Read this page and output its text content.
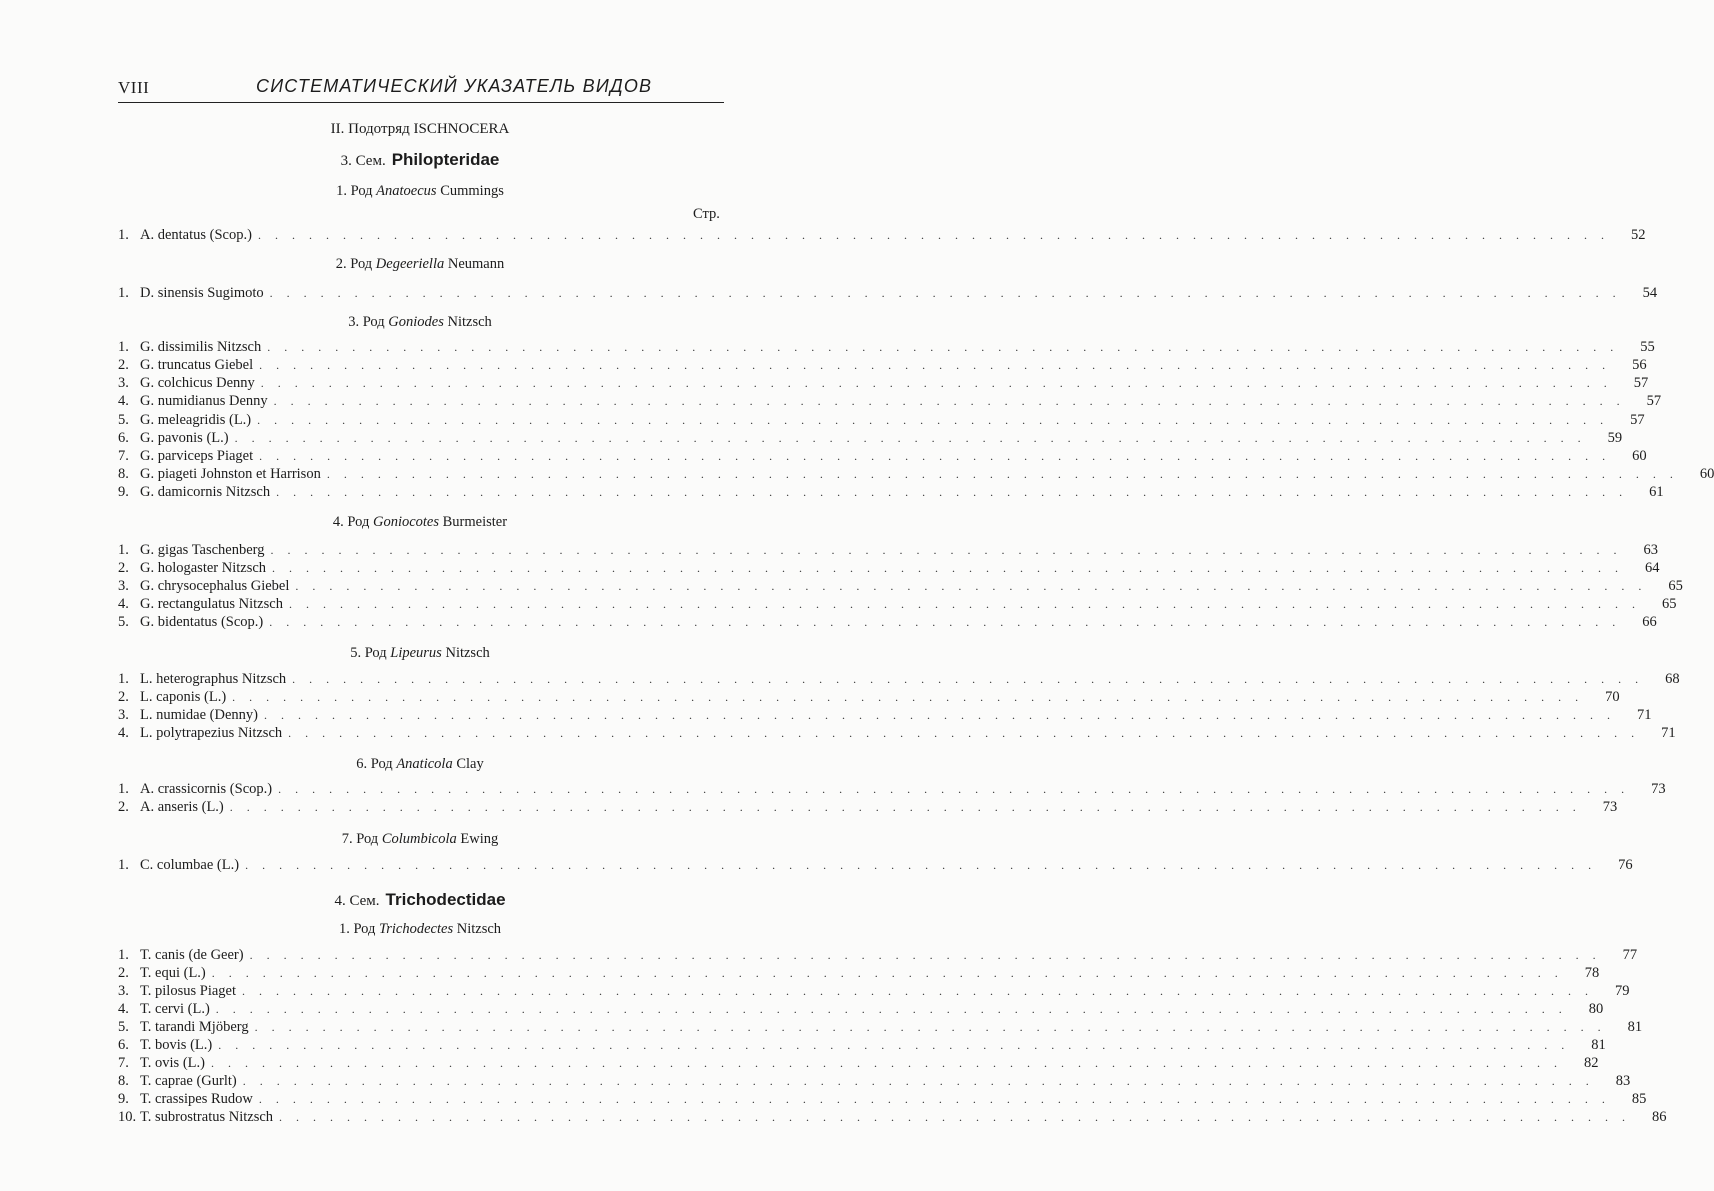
VIII	СИСТЕМАТИЧЕСКИЙ УКАЗАТЕЛЬ ВИДОВ
II. Подотряд ISCHNOCERA
Стр.
3. Сем. Philopteridae
1. Род Anatoecus Cummings
1. A. dentatus (Scop.) . . . . . . . . . . . . . . . . . . . . . . . . . . . . . . . . . . . . . . . . . . . . . . . . . . . . . . . . . . . . . . . . . . . . . . . . . . . . . . . .	52
2. Род Degeeriella Neumann
1. D. sinensis Sugimoto . . . . . . . . . . . . . . . . . . . . . . . . . . . . . . . . . . . . . . . . . . . . . . . . . . . . . . . . . . . . . . . . . . . . . . . . . . . . . . . .	54
3. Род Goniodes Nitzsch
1. G. dissimilis Nitzsch . . . . . . . . . . . . . . . . . . . . . . . . . . . . . . . . . . . . . . . . . . . . . . . . . . . . . . . . . . . . . . . . . . . . . . . . . . . . . . . .	55
2. G. truncatus Giebel . . . . . . . . . . . . . . . . . . . . . . . . . . . . . . . . . . . . . . . . . . . . . . . . . . . . . . . . . . . . . . . . . . . . . . . . . . . . . . . .	56
3. G. colchicus Denny . . . . . . . . . . . . . . . . . . . . . . . . . . . . . . . . . . . . . . . . . . . . . . . . . . . . . . . . . . . . . . . . . . . . . . . . . . . . . . . .	57
4. G. numidianus Denny . . . . . . . . . . . . . . . . . . . . . . . . . . . . . . . . . . . . . . . . . . . . . . . . . . . . . . . . . . . . . . . . . . . . . . . . . . . . . . . .	57
5. G. meleagridis (L.) . . . . . . . . . . . . . . . . . . . . . . . . . . . . . . . . . . . . . . . . . . . . . . . . . . . . . . . . . . . . . . . . . . . . . . . . . . . . . . . .	57
6. G. pavonis (L.) . . . . . . . . . . . . . . . . . . . . . . . . . . . . . . . . . . . . . . . . . . . . . . . . . . . . . . . . . . . . . . . . . . . . . . . . . . . . . . . .	59
7. G. parviceps Piaget . . . . . . . . . . . . . . . . . . . . . . . . . . . . . . . . . . . . . . . . . . . . . . . . . . . . . . . . . . . . . . . . . . . . . . . . . . . . . . . .	60
8. G. piageti Johnston et Harrison . . . . . . . . . . . . . . . . . . . . . . . . . . . . . . . . . . . . . . . . . . . . . . . . . . . . . . . . . . . . . . . . . . . . . . . . . . . . . . . .	60
9. G. damicornis Nitzsch . . . . . . . . . . . . . . . . . . . . . . . . . . . . . . . . . . . . . . . . . . . . . . . . . . . . . . . . . . . . . . . . . . . . . . . . . . . . . . . .	61
4. Род Goniocotes Burmeister
1. G. gigas Taschenberg . . . . . . . . . . . . . . . . . . . . . . . . . . . . . . . . . . . . . . . . . . . . . . . . . . . . . . . . . . . . . . . . . . . . . . . . . . . . . . . .	63
2. G. hologaster Nitzsch . . . . . . . . . . . . . . . . . . . . . . . . . . . . . . . . . . . . . . . . . . . . . . . . . . . . . . . . . . . . . . . . . . . . . . . . . . . . . . . .	64
3. G. chrysocephalus Giebel . . . . . . . . . . . . . . . . . . . . . . . . . . . . . . . . . . . . . . . . . . . . . . . . . . . . . . . . . . . . . . . . . . . . . . . . . . . . . . . .	65
4. G. rectangulatus Nitzsch . . . . . . . . . . . . . . . . . . . . . . . . . . . . . . . . . . . . . . . . . . . . . . . . . . . . . . . . . . . . . . . . . . . . . . . . . . . . . . . .	65
5. G. bidentatus (Scop.) . . . . . . . . . . . . . . . . . . . . . . . . . . . . . . . . . . . . . . . . . . . . . . . . . . . . . . . . . . . . . . . . . . . . . . . . . . . . . . . .	66
5. Род Lipeurus Nitzsch
1. L. heterographus Nitzsch . . . . . . . . . . . . . . . . . . . . . . . . . . . . . . . . . . . . . . . . . . . . . . . . . . . . . . . . . . . . . . . . . . . . . . . . . . . . . . . .	68
2. L. caponis (L.) . . . . . . . . . . . . . . . . . . . . . . . . . . . . . . . . . . . . . . . . . . . . . . . . . . . . . . . . . . . . . . . . . . . . . . . . . . . . . . . .	70
3. L. numidae (Denny) . . . . . . . . . . . . . . . . . . . . . . . . . . . . . . . . . . . . . . . . . . . . . . . . . . . . . . . . . . . . . . . . . . . . . . . . . . . . . . . .	71
4. L. polytrapezius Nitzsch . . . . . . . . . . . . . . . . . . . . . . . . . . . . . . . . . . . . . . . . . . . . . . . . . . . . . . . . . . . . . . . . . . . . . . . . . . . . . . . .	71
6. Род Anaticola Clay
1. A. crassicornis (Scop.) . . . . . . . . . . . . . . . . . . . . . . . . . . . . . . . . . . . . . . . . . . . . . . . . . . . . . . . . . . . . . . . . . . . . . . . . . . . . . . . .	73
2. A. anseris (L.) . . . . . . . . . . . . . . . . . . . . . . . . . . . . . . . . . . . . . . . . . . . . . . . . . . . . . . . . . . . . . . . . . . . . . . . . . . . . . . . .	73
7. Род Columbicola Ewing
1. C. columbae (L.) . . . . . . . . . . . . . . . . . . . . . . . . . . . . . . . . . . . . . . . . . . . . . . . . . . . . . . . . . . . . . . . . . . . . . . . . . . . . . . . .	76
4. Сем. Trichodectidae
1. Род Trichodectes Nitzsch
1. T. canis (de Geer) . . . . . . . . . . . . . . . . . . . . . . . . . . . . . . . . . . . . . . . . . . . . . . . . . . . . . . . . . . . . . . . . . . . . . . . . . . . . . . . .	77
2. T. equi (L.) . . . . . . . . . . . . . . . . . . . . . . . . . . . . . . . . . . . . . . . . . . . . . . . . . . . . . . . . . . . . . . . . . . . . . . . . . . . . . . . .	78
3. T. pilosus Piaget . . . . . . . . . . . . . . . . . . . . . . . . . . . . . . . . . . . . . . . . . . . . . . . . . . . . . . . . . . . . . . . . . . . . . . . . . . . . . . . .	79
4. T. cervi (L.) . . . . . . . . . . . . . . . . . . . . . . . . . . . . . . . . . . . . . . . . . . . . . . . . . . . . . . . . . . . . . . . . . . . . . . . . . . . . . . . .	80
5. T. tarandi Mjöberg . . . . . . . . . . . . . . . . . . . . . . . . . . . . . . . . . . . . . . . . . . . . . . . . . . . . . . . . . . . . . . . . . . . . . . . . . . . . . . . .	81
6. T. bovis (L.) . . . . . . . . . . . . . . . . . . . . . . . . . . . . . . . . . . . . . . . . . . . . . . . . . . . . . . . . . . . . . . . . . . . . . . . . . . . . . . . .	81
7. T. ovis (L.) . . . . . . . . . . . . . . . . . . . . . . . . . . . . . . . . . . . . . . . . . . . . . . . . . . . . . . . . . . . . . . . . . . . . . . . . . . . . . . . .	82
8. T. caprae (Gurlt) . . . . . . . . . . . . . . . . . . . . . . . . . . . . . . . . . . . . . . . . . . . . . . . . . . . . . . . . . . . . . . . . . . . . . . . . . . . . . . . .	83
9. T. crassipes Rudow . . . . . . . . . . . . . . . . . . . . . . . . . . . . . . . . . . . . . . . . . . . . . . . . . . . . . . . . . . . . . . . . . . . . . . . . . . . . . . . .	85
10. T. subrostratus Nitzsch . . . . . . . . . . . . . . . . . . . . . . . . . . . . . . . . . . . . . . . . . . . . . . . . . . . . . . . . . . . . . . . . . . . . . . . . . . . . . . . .	86
